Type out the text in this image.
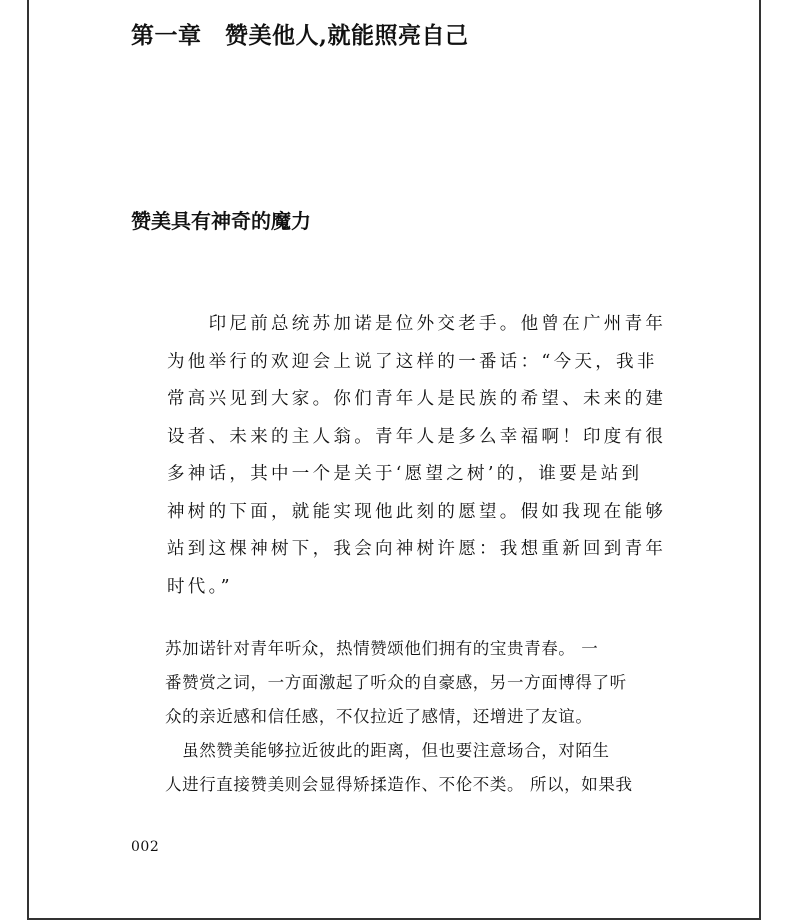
第一章　赞美他人,就能照亮自己
赞美具有神奇的魔力
　　印尼前总统苏加诺是位外交老手。他曾在广州青年
为他举行的欢迎会上说了这样的一番话：“今天，我非
常高兴见到大家。你们青年人是民族的希望、未来的建
设者、未来的主人翁。青年人是多么幸福啊！印度有很
多神话，其中一个是关于‘愿望之树’的，谁要是站到
神树的下面，就能实现他此刻的愿望。假如我现在能够
站到这棵神树下，我会向神树许愿：我想重新回到青年
时代。”
苏加诺针对青年听众，热情赞颂他们拥有的宝贵青春。 一
番赞赏之词，一方面激起了听众的自豪感，另一方面博得了听
众的亲近感和信任感，不仅拉近了感情，还增进了友谊。
　虽然赞美能够拉近彼此的距离，但也要注意场合，对陌生
人进行直接赞美则会显得矫揉造作、不伦不类。 所以，如果我
002
